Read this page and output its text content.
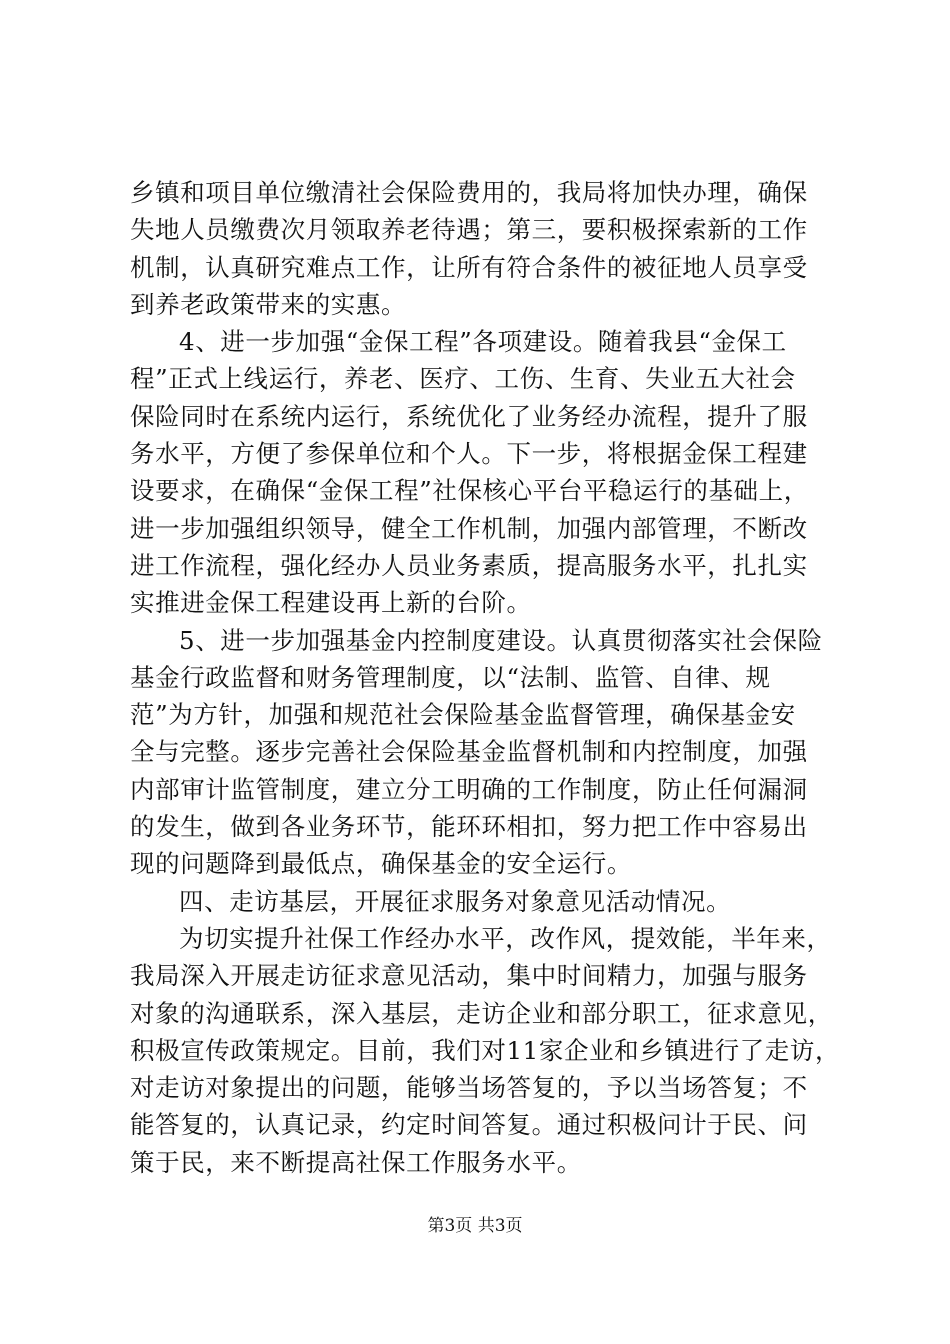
乡镇和项目单位缴清社会保险费用的，我局将加快办理，确保
失地人员缴费次月领取养老待遇；第三，要积极探索新的工作
机制，认真研究难点工作，让所有符合条件的被征地人员享受
到养老政策带来的实惠。
4、进一步加强“金保工程”各项建设。随着我县“金保工
程”正式上线运行，养老、医疗、工伤、生育、失业五大社会
保险同时在系统内运行，系统优化了业务经办流程，提升了服
务水平，方便了参保单位和个人。下一步，将根据金保工程建
设要求，在确保“金保工程”社保核心平台平稳运行的基础上，
进一步加强组织领导，健全工作机制，加强内部管理，不断改
进工作流程，强化经办人员业务素质，提高服务水平，扎扎实
实推进金保工程建设再上新的台阶。
5、进一步加强基金内控制度建设。认真贯彻落实社会保险
基金行政监督和财务管理制度，以“法制、监管、自律、规
范”为方针，加强和规范社会保险基金监督管理，确保基金安
全与完整。逐步完善社会保险基金监督机制和内控制度，加强
内部审计监管制度，建立分工明确的工作制度，防止任何漏洞
的发生，做到各业务环节，能环环相扣，努力把工作中容易出
现的问题降到最低点，确保基金的安全运行。
四、走访基层，开展征求服务对象意见活动情况。
为切实提升社保工作经办水平，改作风，提效能，半年来，
我局深入开展走访征求意见活动，集中时间精力，加强与服务
对象的沟通联系，深入基层，走访企业和部分职工，征求意见，
积极宣传政策规定。目前，我们对11家企业和乡镇进行了走访，
对走访对象提出的问题，能够当场答复的，予以当场答复；不
能答复的，认真记录，约定时间答复。通过积极问计于民、问
策于民，来不断提高社保工作服务水平。
第3页 共3页
